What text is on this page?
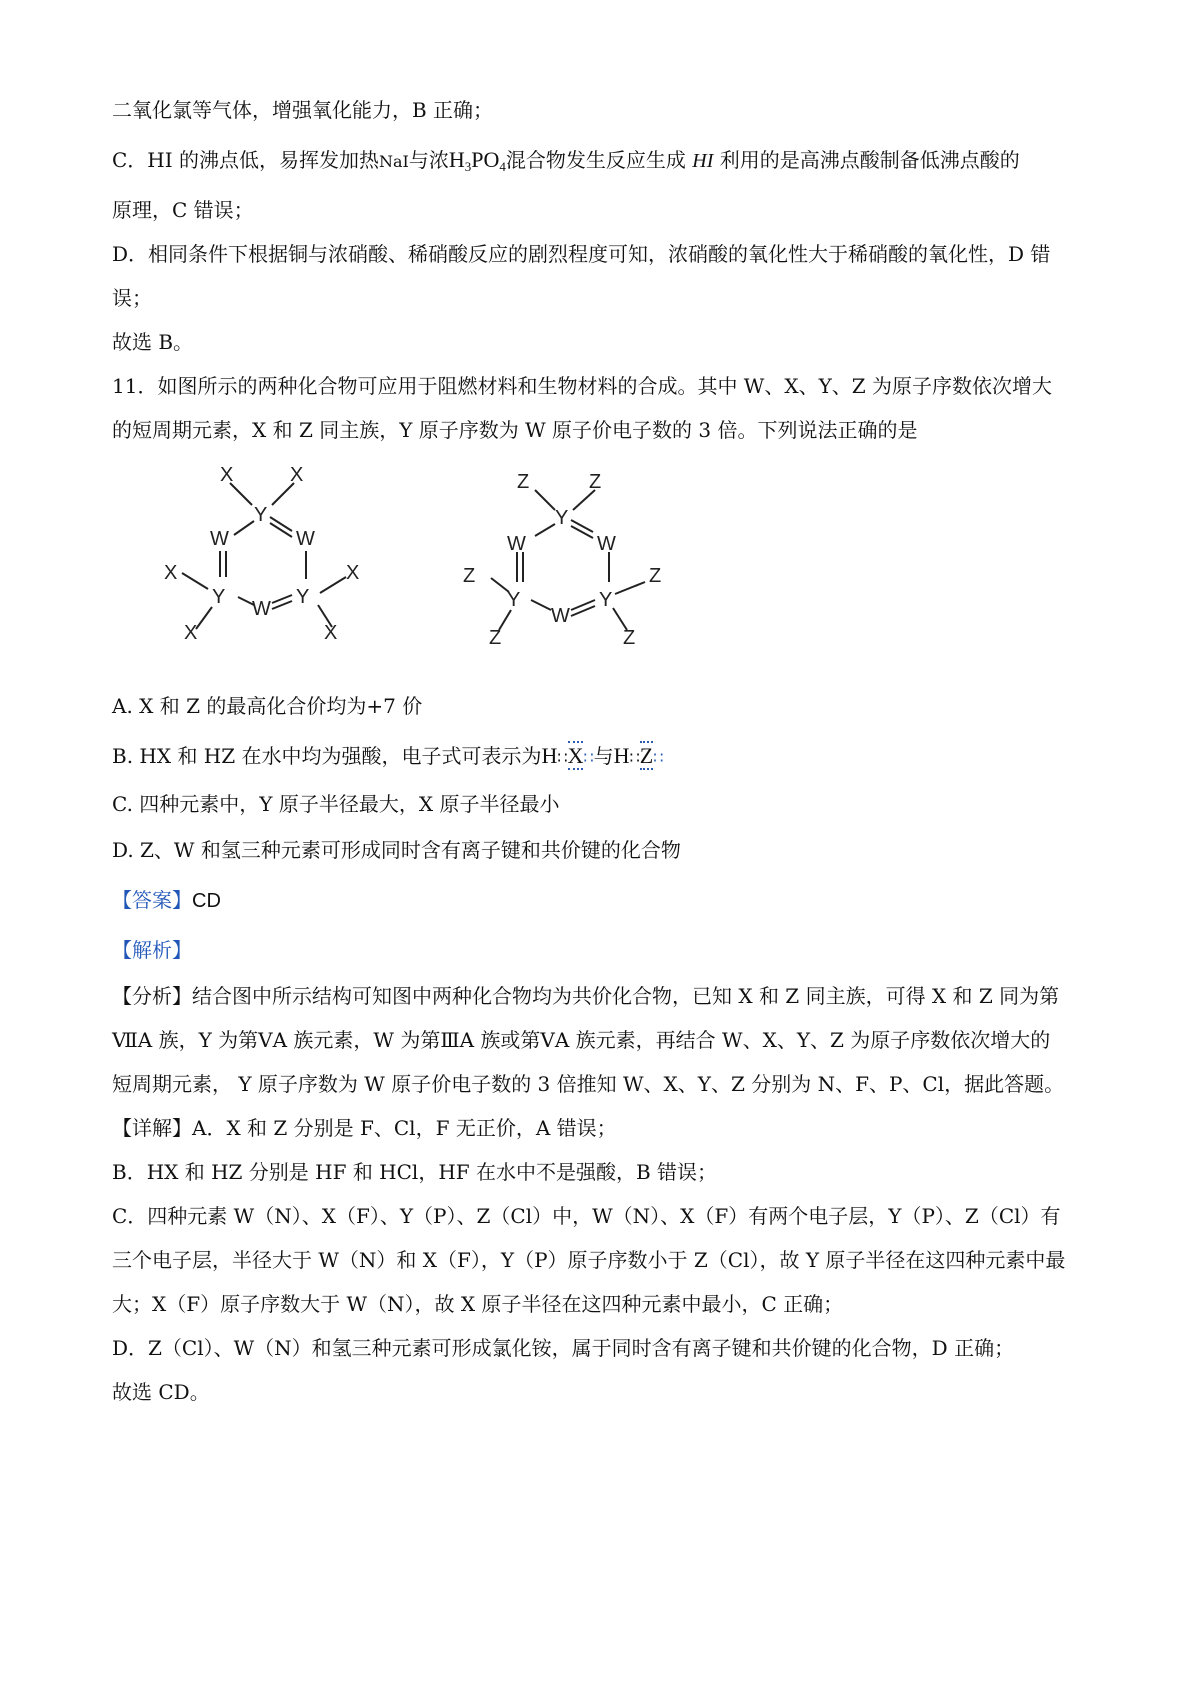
二氧化氯等气体，增强氧化能力，B 正确；
C．HI 的沸点低，易挥发加热NaI与浓$H_3PO_4$混合物发生反应生成 HI 利用的是高沸点酸制备低沸点酸的
原理，C 错误；
D．相同条件下根据铜与浓硝酸、稀硝酸反应的剧烈程度可知，浓硝酸的氧化性大于稀硝酸的氧化性，D 错
误；
故选 B。
11．如图所示的两种化合物可应用于阻燃材料和生物材料的合成。其中 W、X、Y、Z 为原子序数依次增大
的短周期元素，X 和 Z 同主族，Y 原子序数为 W 原子价电子数的 3 倍。下列说法正确的是
X	X
Y
W	W
X	X
Y	Y
W
X	X
Z	Z
Y
W	W
Z	Z
Y	Y
W
Z	Z
A. X 和 Z 的最高化合价均为+7 价
B. HX 和 HZ 在水中均为强酸，电子式可表示为H∷X∷与H∷Z∷
C. 四种元素中，Y 原子半径最大，X 原子半径最小
D. Z、W 和氢三种元素可形成同时含有离子键和共价键的化合物
【答案】CD
【解析】
【分析】结合图中所示结构可知图中两种化合物均为共价化合物，已知 X 和 Z 同主族，可得 X 和 Z 同为第
ⅦA 族，Y 为第ⅤA 族元素，W 为第ⅢA 族或第ⅤA 族元素，再结合 W、X、Y、Z 为原子序数依次增大的
短周期元素， Y 原子序数为 W 原子价电子数的 3 倍推知 W、X、Y、Z 分别为 N、F、P、Cl，据此答题。
【详解】A．X 和 Z 分别是 F、Cl，F 无正价，A 错误；
B．HX 和 HZ 分别是 HF 和 HCl，HF 在水中不是强酸，B 错误；
C．四种元素 W（N）、X（F）、Y（P）、Z（Cl）中，W（N）、X（F）有两个电子层，Y（P）、Z（Cl）有
三个电子层，半径大于 W（N）和 X（F），Y（P）原子序数小于 Z（Cl），故 Y 原子半径在这四种元素中最
大；X（F）原子序数大于 W（N），故 X 原子半径在这四种元素中最小，C 正确；
D．Z（Cl）、W（N）和氢三种元素可形成氯化铵，属于同时含有离子键和共价键的化合物，D 正确；
故选 CD。
